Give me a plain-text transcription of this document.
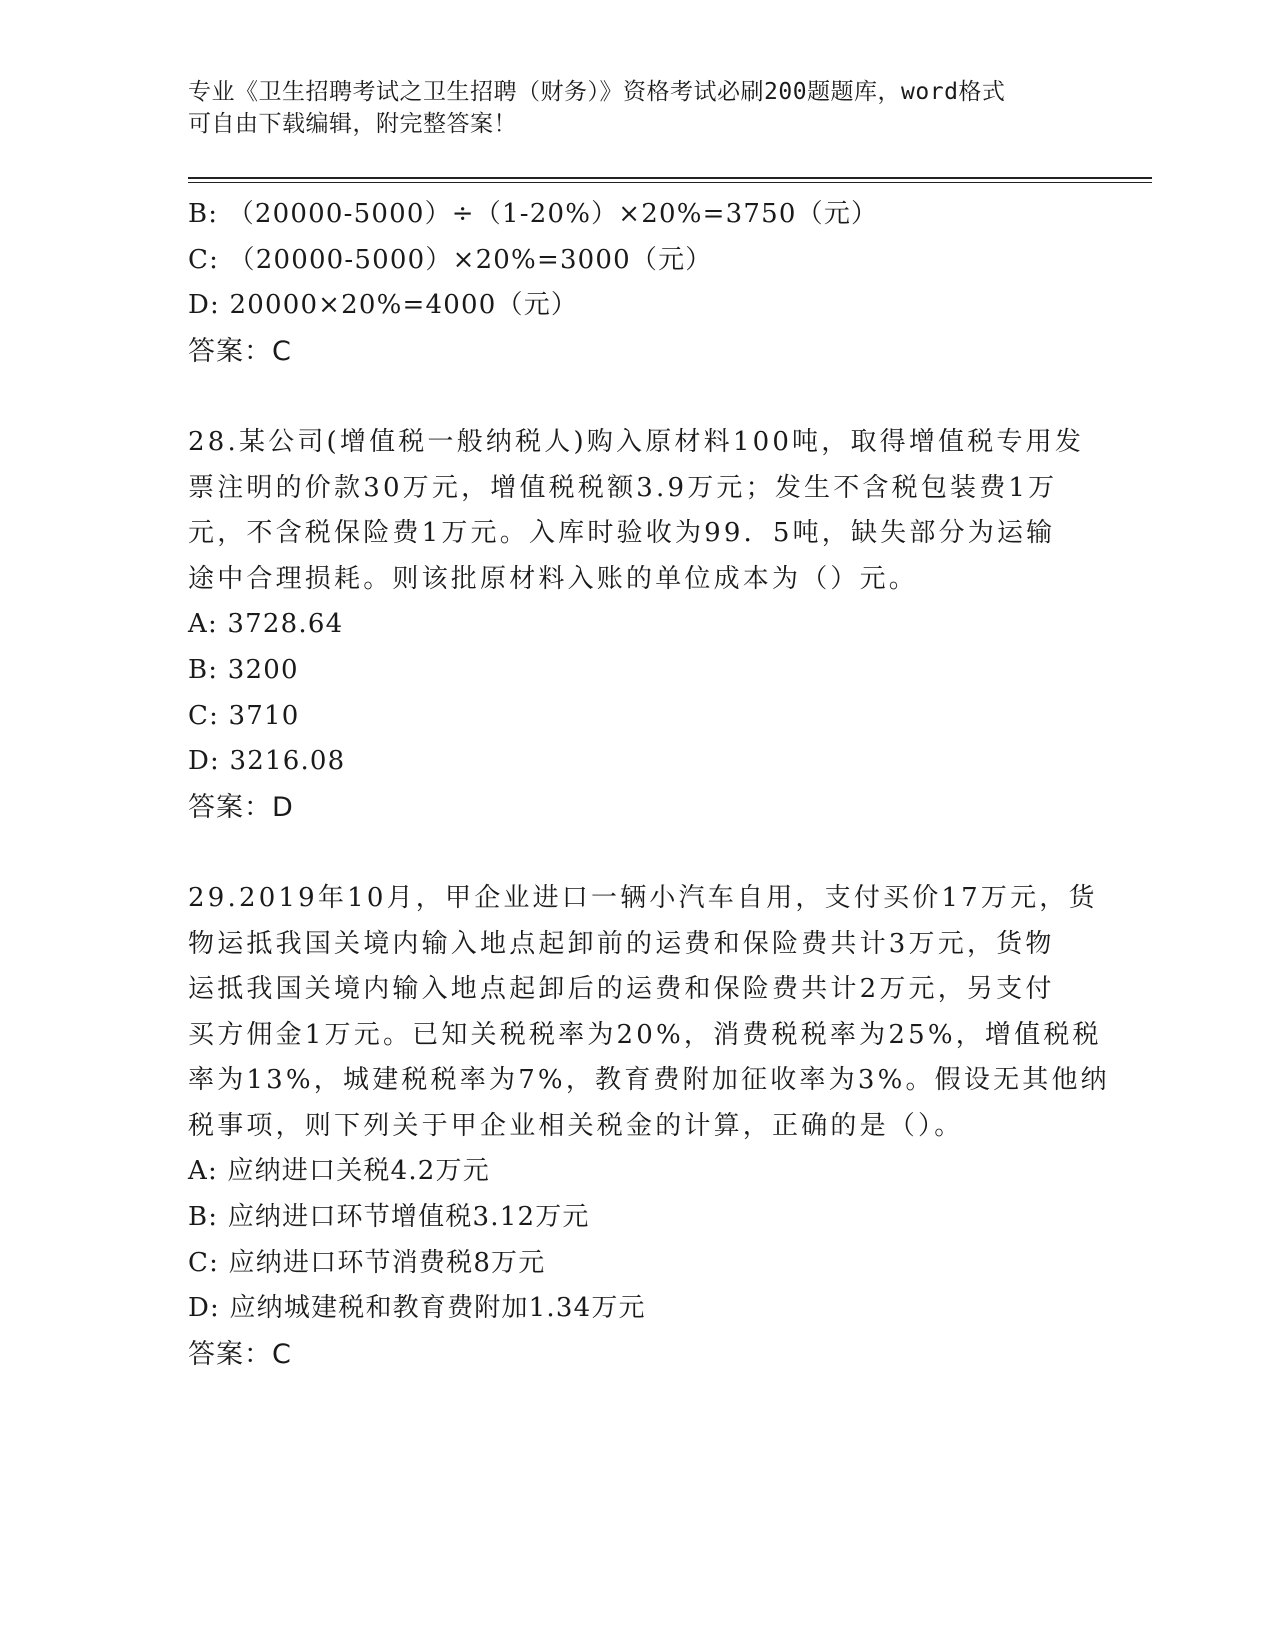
专业《卫生招聘考试之卫生招聘（财务）》资格考试必刷200题题库，word格式
可自由下载编辑，附完整答案！
B: （20000-5000）÷（1-20%）×20%=3750（元）
C: （20000-5000）×20%=3000（元）
D: 20000×20%=4000（元）
答案：C
28.某公司(增值税一般纳税人)购入原材料100吨，取得增值税专用发
票注明的价款30万元，增值税税额3.9万元；发生不含税包装费1万
元，不含税保险费1万元。入库时验收为99．5吨，缺失部分为运输
途中合理损耗。则该批原材料入账的单位成本为（）元。
A: 3728.64
B: 3200
C: 3710
D: 3216.08
答案：D
29.2019年10月，甲企业进口一辆小汽车自用，支付买价17万元，货
物运抵我国关境内输入地点起卸前的运费和保险费共计3万元，货物
运抵我国关境内输入地点起卸后的运费和保险费共计2万元，另支付
买方佣金1万元。已知关税税率为20%，消费税税率为25%，增值税税
率为13%，城建税税率为7%，教育费附加征收率为3%。假设无其他纳
税事项，则下列关于甲企业相关税金的计算，正确的是（）。
A: 应纳进口关税4.2万元
B: 应纳进口环节增值税3.12万元
C: 应纳进口环节消费税8万元
D: 应纳城建税和教育费附加1.34万元
答案：C
